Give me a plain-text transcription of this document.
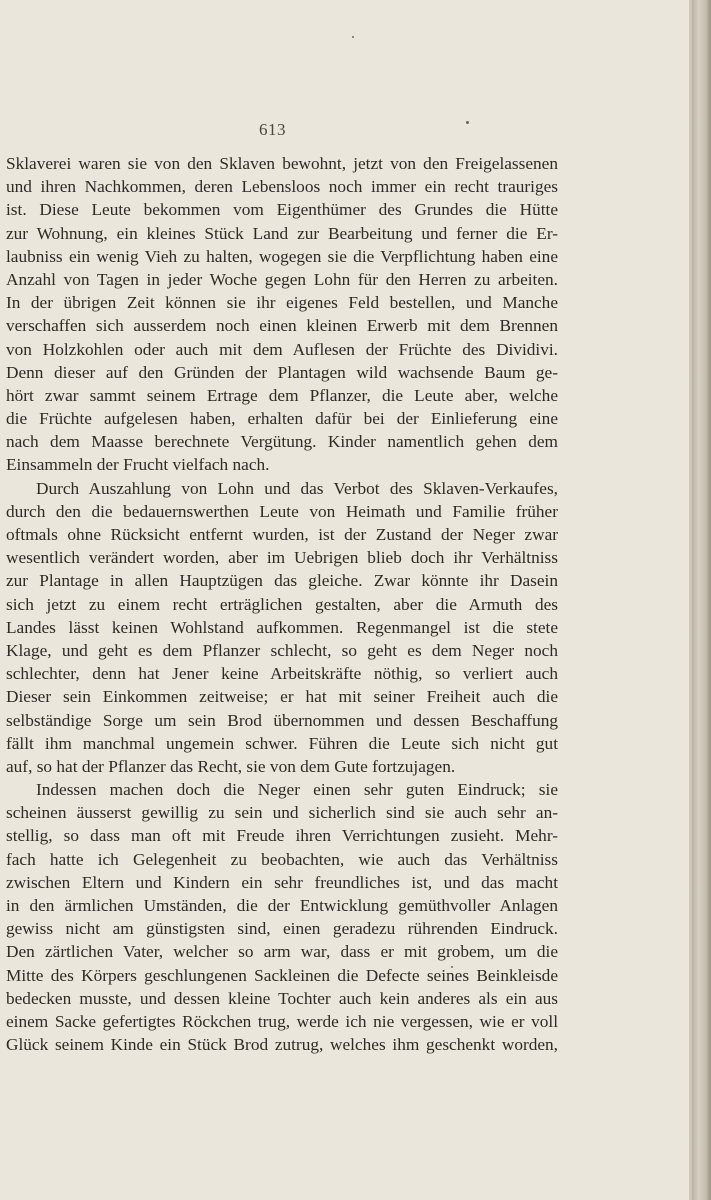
613
Sklaverei waren sie von den Sklaven bewohnt, jetzt von den Freigelassenen
und ihren Nachkommen, deren Lebensloos noch immer ein recht trauriges
ist. Diese Leute bekommen vom Eigenthümer des Grundes die Hütte
zur Wohnung, ein kleines Stück Land zur Bearbeitung und ferner die Er-
laubniss ein wenig Vieh zu halten, wogegen sie die Verpflichtung haben eine
Anzahl von Tagen in jeder Woche gegen Lohn für den Herren zu arbeiten.
In der übrigen Zeit können sie ihr eigenes Feld bestellen, und Manche
verschaffen sich ausserdem noch einen kleinen Erwerb mit dem Brennen
von Holzkohlen oder auch mit dem Auflesen der Früchte des Dividivi.
Denn dieser auf den Gründen der Plantagen wild wachsende Baum ge-
hört zwar sammt seinem Ertrage dem Pflanzer, die Leute aber, welche
die Früchte aufgelesen haben, erhalten dafür bei der Einlieferung eine
nach dem Maasse berechnete Vergütung. Kinder namentlich gehen dem
Einsammeln der Frucht vielfach nach.
Durch Auszahlung von Lohn und das Verbot des Sklaven-Verkaufes,
durch den die bedauernswerthen Leute von Heimath und Familie früher
oftmals ohne Rücksicht entfernt wurden, ist der Zustand der Neger zwar
wesentlich verändert worden, aber im Uebrigen blieb doch ihr Verhältniss
zur Plantage in allen Hauptzügen das gleiche. Zwar könnte ihr Dasein
sich jetzt zu einem recht erträglichen gestalten, aber die Armuth des
Landes lässt keinen Wohlstand aufkommen. Regenmangel ist die stete
Klage, und geht es dem Pflanzer schlecht, so geht es dem Neger noch
schlechter, denn hat Jener keine Arbeitskräfte nöthig, so verliert auch
Dieser sein Einkommen zeitweise; er hat mit seiner Freiheit auch die
selbständige Sorge um sein Brod übernommen und dessen Beschaffung
fällt ihm manchmal ungemein schwer. Führen die Leute sich nicht gut
auf, so hat der Pflanzer das Recht, sie von dem Gute fortzujagen.
Indessen machen doch die Neger einen sehr guten Eindruck; sie
scheinen äusserst gewillig zu sein und sicherlich sind sie auch sehr an-
stellig, so dass man oft mit Freude ihren Verrichtungen zusieht. Mehr-
fach hatte ich Gelegenheit zu beobachten, wie auch das Verhältniss
zwischen Eltern und Kindern ein sehr freundliches ist, und das macht
in den ärmlichen Umständen, die der Entwicklung gemüthvoller Anlagen
gewiss nicht am günstigsten sind, einen geradezu rührenden Eindruck.
Den zärtlichen Vater, welcher so arm war, dass er mit grobem, um die
Mitte des Körpers geschlungenen Sackleinen die Defecte seines Beinkleisde
bedecken musste, und dessen kleine Tochter auch kein anderes als ein aus
einem Sacke gefertigtes Röckchen trug, werde ich nie vergessen, wie er voll
Glück seinem Kinde ein Stück Brod zutrug, welches ihm geschenkt worden,
